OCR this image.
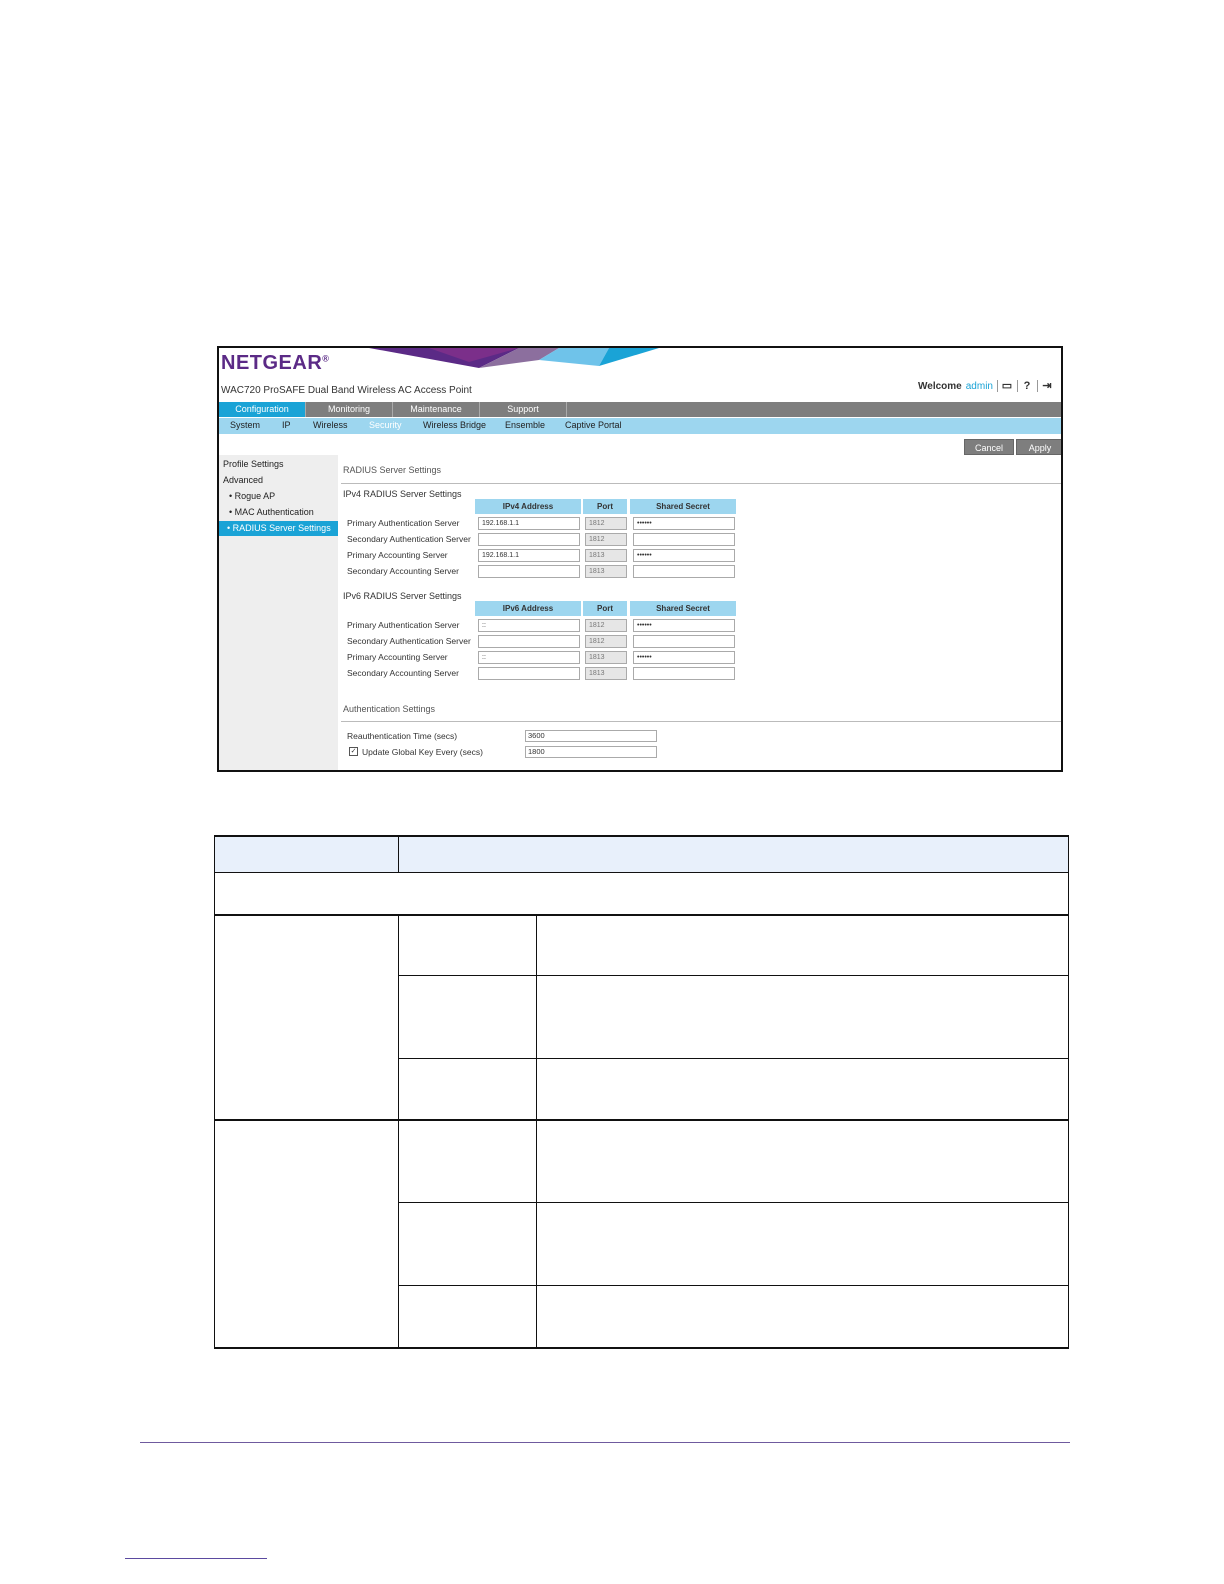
NETGEAR®
WAC720 ProSAFE Dual Band Wireless AC Access Point	Welcome admin ▭	?	⇥
Configuration	Monitoring	Maintenance	Support
System IP Wireless Security Wireless Bridge Ensemble Captive Portal
Cancel	Apply
Profile Settings
Advanced
• Rogue AP
• MAC Authentication
• RADIUS Server Settings
RADIUS Server Settings
IPv4 RADIUS Server Settings
IPv4 Address	Port	Shared Secret
Primary Authentication Server	192.168.1.1	1812	••••••
Secondary Authentication Server	1812
Primary Accounting Server	192.168.1.1	1813	••••••
Secondary Accounting Server	1813
IPv6 RADIUS Server Settings
IPv6 Address	Port	Shared Secret
Primary Authentication Server	::	1812	••••••
Secondary Authentication Server	1812
Primary Accounting Server	::	1813	••••••
Secondary Accounting Server	1813
Authentication Settings
Reauthentication Time (secs)	3600
✓ Update Global Key Every (secs)	1800
